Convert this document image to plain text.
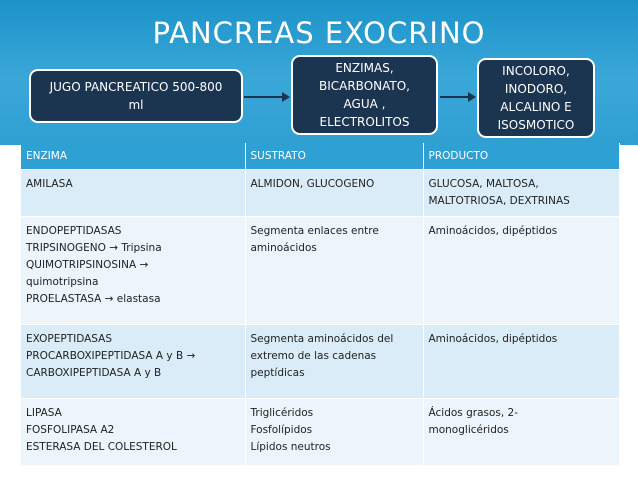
PANCREAS EXOCRINO
JUGO PANCREATICO 500-800
ml
ENZIMAS,
BICARBONATO,
AGUA ,
ELECTROLITOS
INCOLORO,
INODORO,
ALCALINO E
ISOSMOTICO
ENZIMA	SUSTRATO	PRODUCTO

AMILASA	ALMIDON, GLUCOGENO	GLUCOSA, MALTOSA,
MALTOTRIOSA, DEXTRINAS

ENDOPEPTIDASAS
TRIPSINOGENO → Tripsina
QUIMOTRIPSINOSINA →
quimotripsina
PROELASTASA → elastasa	Segmenta enlaces entre
aminoácidos	Aminoácidos, dipéptidos

EXOPEPTIDASAS
PROCARBOXIPEPTIDASA A y B →
CARBOXIPEPTIDASA A y B	Segmenta aminoácidos del
extremo de las cadenas
peptídicas	Aminoácidos, dipéptidos

LIPASA
FOSFOLIPASA A2
ESTERASA DEL COLESTEROL	Triglicéridos
Fosfolípidos
Lípidos neutros	Ácidos grasos, 2-
monoglicéridos
